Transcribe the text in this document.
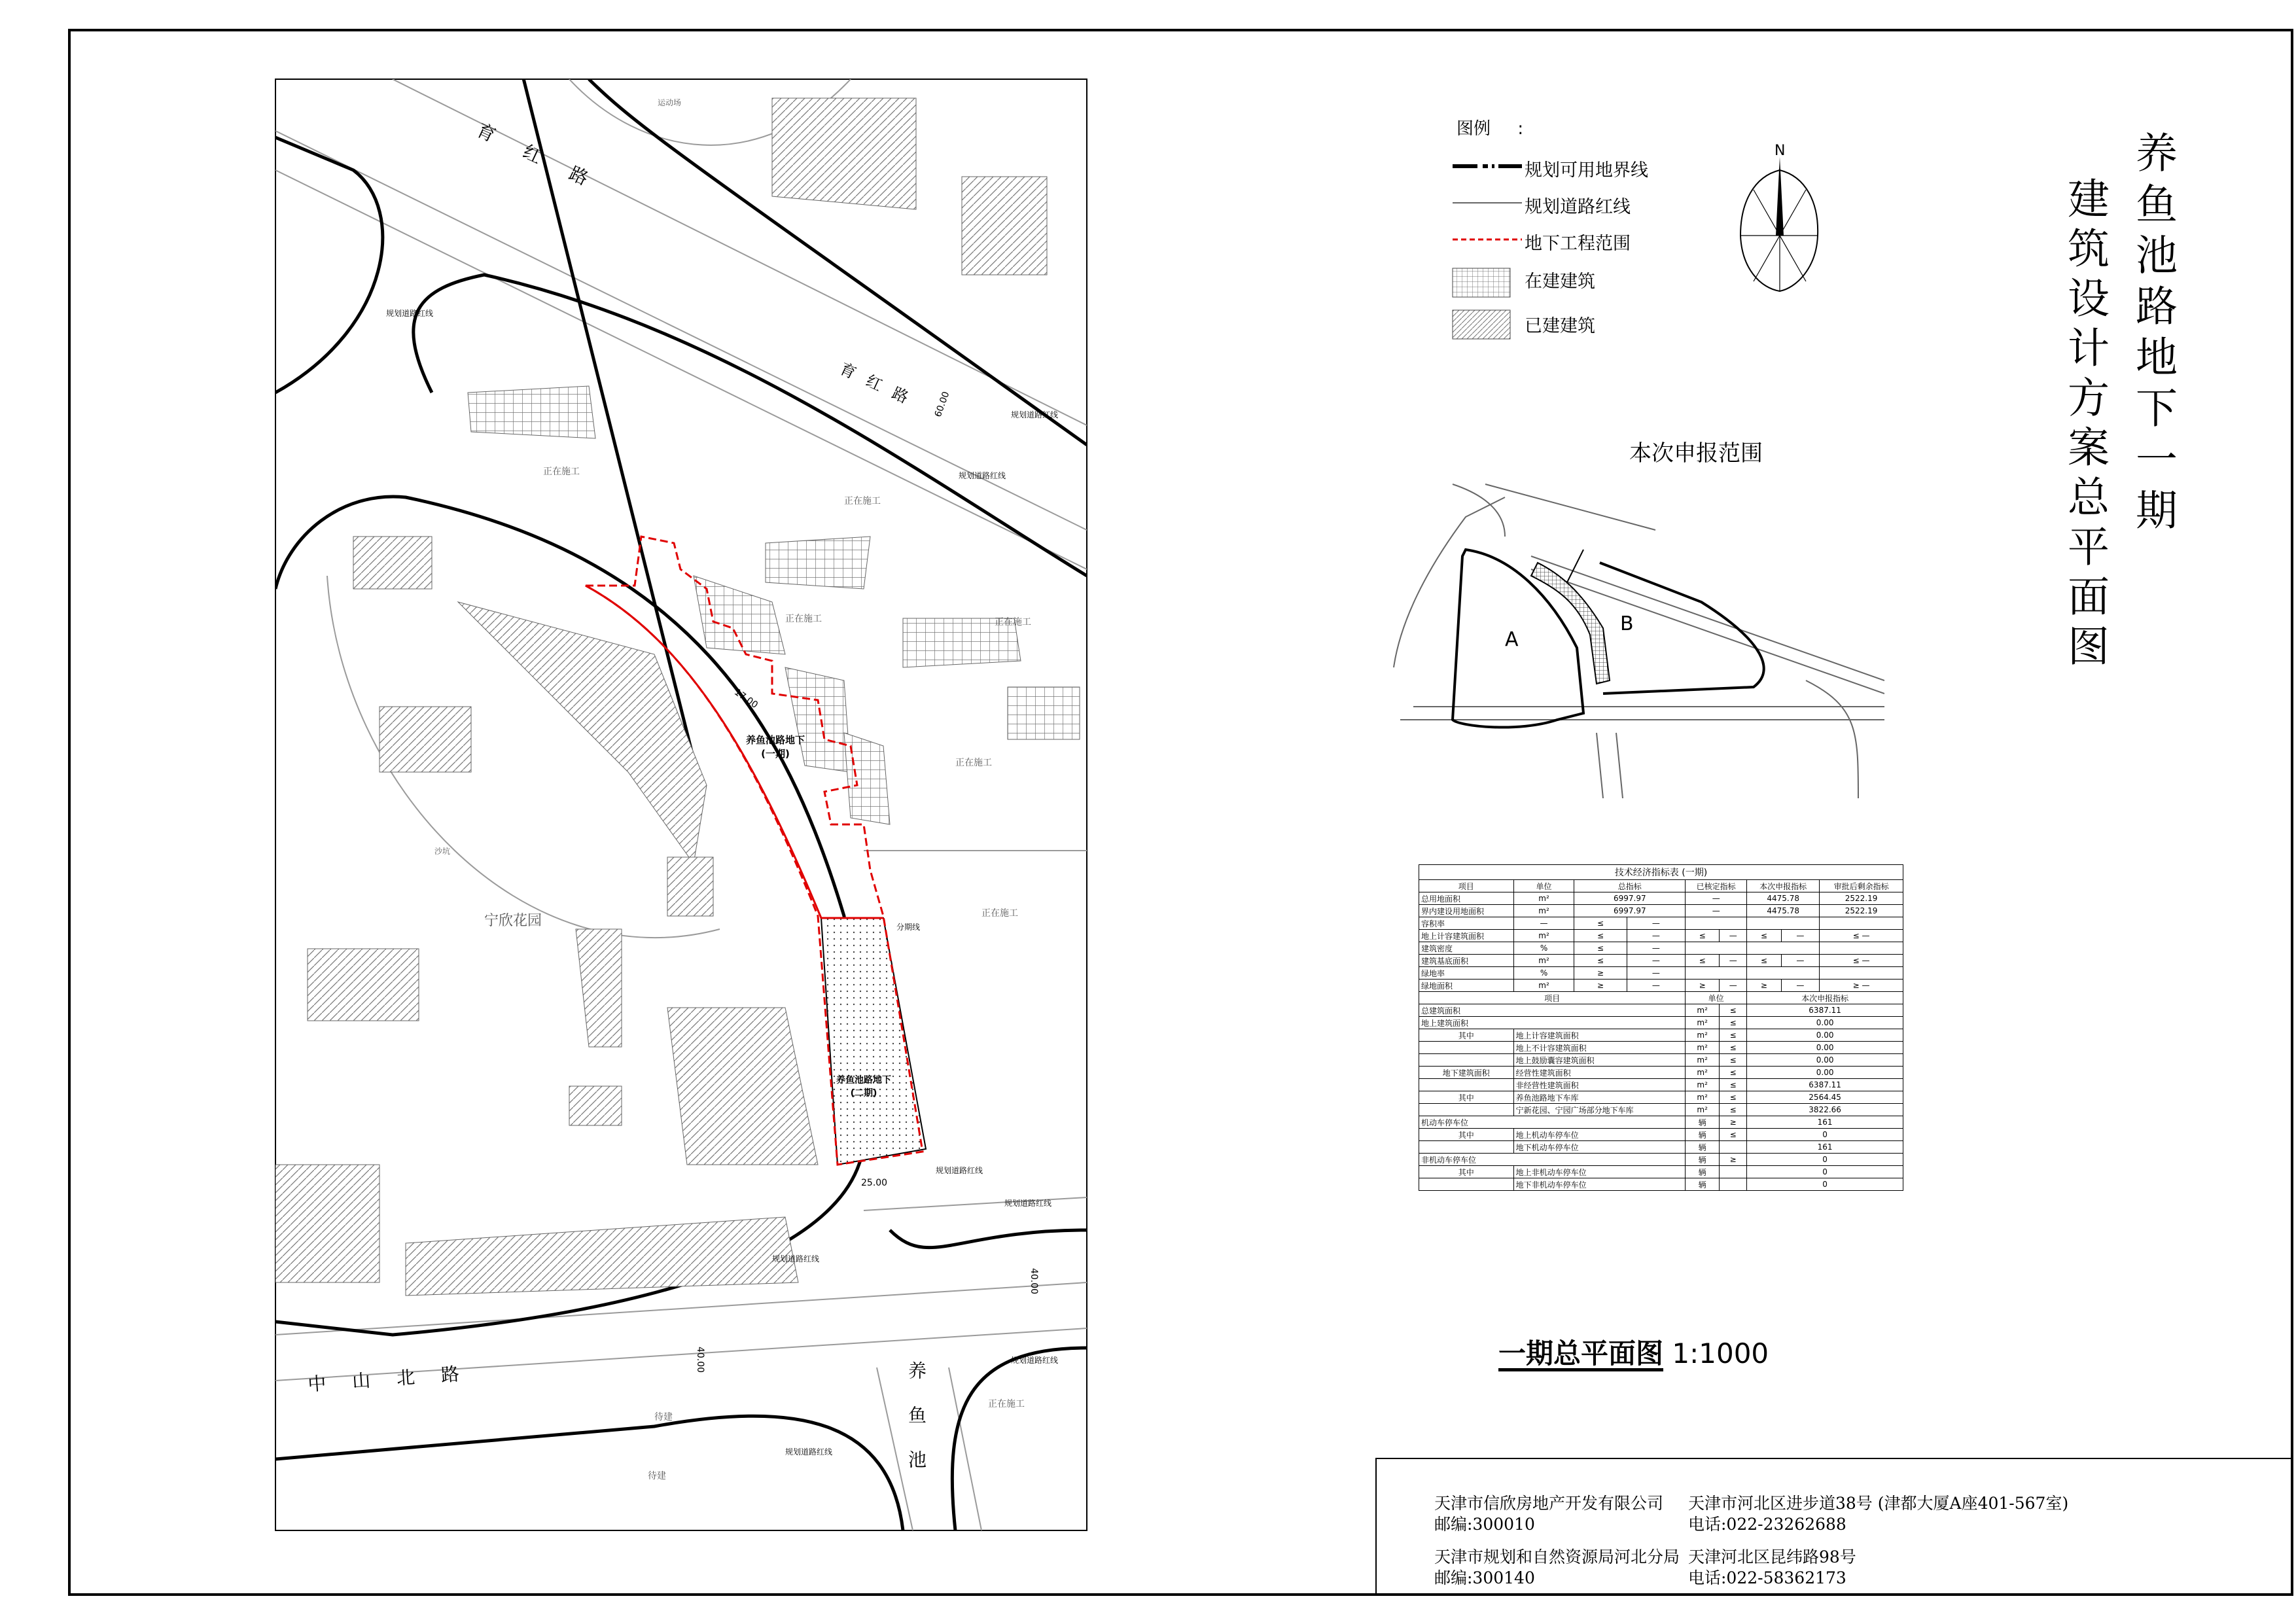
育红路
育红路
中山北路	养鱼池
宁欣花园
沙坑
正在施工
正在施工
正在施工
正在施工
正在施工
正在施工
正在施工
养鱼池路地下
(一期)
养鱼池路地下
(二期)
分期线
17.00
25.00
60.00
40.00
40.00
规划道路红线
规划道路红线
规划道路红线
规划道路红线
规划道路红线
规划道路红线
规划道路红线
规划道路红线
待建
待建
运动场
养鱼池路地下一期
建筑设计方案总平面图
图例 :
规划可用地界线
规划道路红线
地下工程范围
在建建筑
已建建筑
N
本次申报范围
A
B
技术经济指标表 (一期)								
项目	单位	总指标		已核定指标		本次申报指标		审批后剩余指标
总用地面积	m²	6997.97		—		4475.78		2522.19
界内建设用地面积	m²	6997.97		—		4475.78		2522.19
容积率	—	≤	—					
地上计容建筑面积	m²	≤	—	≤	—	≤	—	≤ —
建筑密度	%	≤	—					
建筑基底面积	m²	≤	—	≤	—	≤	—	≤ —
绿地率	%	≥	—					
绿地面积	m²	≥	—	≥	—	≥	—	≥ —
项目				单位		本次申报指标		
总建筑面积				m²	≤	6387.11		
地上建筑面积				m²	≤	0.00		
其中	地上计容建筑面积			m²	≤	0.00		
	地上不计容建筑面积			m²	≤	0.00		
	地上鼓励囊容建筑面积			m²	≤	0.00		
地下建筑面积	经营性建筑面积			m²	≤	0.00		
	非经营性建筑面积			m²	≤	6387.11		
其中	养鱼池路地下车库			m²	≤	2564.45		
	宁新花园、宁园广场部分地下车库			m²	≤	3822.66		
机动车停车位				辆	≥	161		
其中	地上机动车停车位			辆	≤	0		
	地下机动车停车位			辆		161		
非机动车停车位				辆	≥	0		
其中	地上非机动车停车位			辆		0		
	地下非机动车停车位			辆		0		
一期总平面图 1:1000
天津市信欣房地产开发有限公司
邮编:300010
天津市河北区进步道38号 (津都大厦A座401-567室)
电话:022-23262688
天津市规划和自然资源局河北分局
邮编:300140
天津河北区昆纬路98号
电话:022-58362173
